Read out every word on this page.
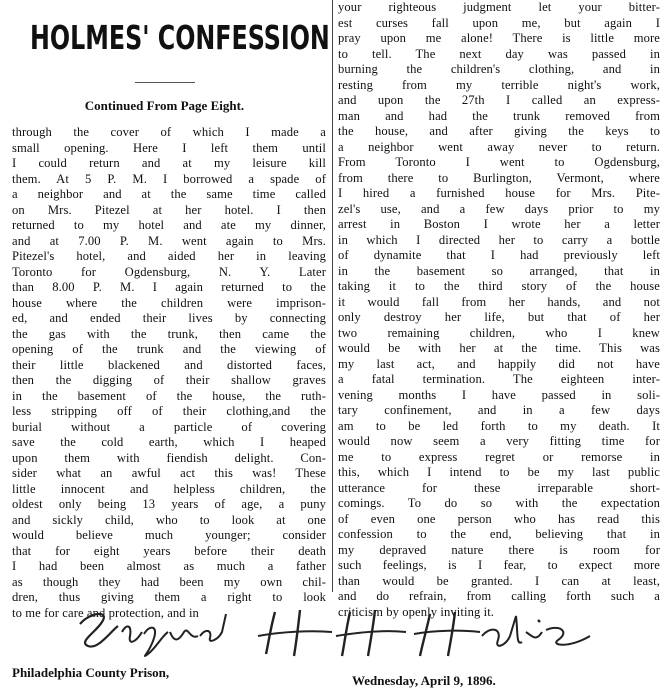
HOLMES' CONFESSION
Continued From Page Eight.
through the cover of which I made a
small opening. Here I left them until
I could return and at my leisure kill
them. At 5 P. M. I borrowed a spade of
a neighbor and at the same time called
on Mrs. Pitezel at her hotel. I then
returned to my hotel and ate my dinner,
and at 7.00 P. M. went again to Mrs.
Pitezel's hotel, and aided her in leaving
Toronto for Ogdensburg, N. Y. Later
than 8.00 P. M. I again returned to the
house where the children were imprison-
ed, and ended their lives by connecting
the gas with the trunk, then came the
opening of the trunk and the viewing of
their little blackened and distorted faces,
then the digging of their shallow graves
in the basement of the house, the ruth-
less stripping off of their clothing,and the
burial without a particle of covering
save the cold earth, which I heaped
upon them with fiendish delight. Con-
sider what an awful act this was! These
little innocent and helpless children, the
oldest only being 13 years of age, a puny
and sickly child, who to look at one
would believe much younger; consider
that for eight years before their death
I had been almost as much a father
as though they had been my own chil-
dren, thus giving them a right to look
to me for care and protection, and in
your righteous judgment let your bitter-
est curses fall upon me, but again I
pray upon me alone! There is little more
to tell. The next day was passed in
burning the children's clothing, and in
resting from my terrible night's work,
and upon the 27th I called an express-
man and had the trunk removed from
the house, and after giving the keys to
a neighbor went away never to return.
From Toronto I went to Ogdensburg,
from there to Burlington, Vermont, where
I hired a furnished house for Mrs. Pite-
zel's use, and a few days prior to my
arrest in Boston I wrote her a letter
in which I directed her to carry a bottle
of dynamite that I had previously left
in the basement so arranged, that in
taking it to the third story of the house
it would fall from her hands, and not
only destroy her life, but that of her
two remaining children, who I knew
would be with her at the time. This was
my last act, and happily did not have
a fatal termination. The eighteen inter-
vening months I have passed in soli-
tary confinement, and in a few days
am to be led forth to my death. It
would now seem a very fitting time for
me to express regret or remorse in
this, which I intend to be my last public
utterance for these irreparable short-
comings. To do so with the expectation
of even one person who has read this
confession to the end, believing that in
my depraved nature there is room for
such feelings, is I fear, to expect more
than would be granted. I can at least,
and do refrain, from calling forth such a
criticism by openly inviting it.
Philadelphia County Prison,
Wednesday, April 9, 1896.
